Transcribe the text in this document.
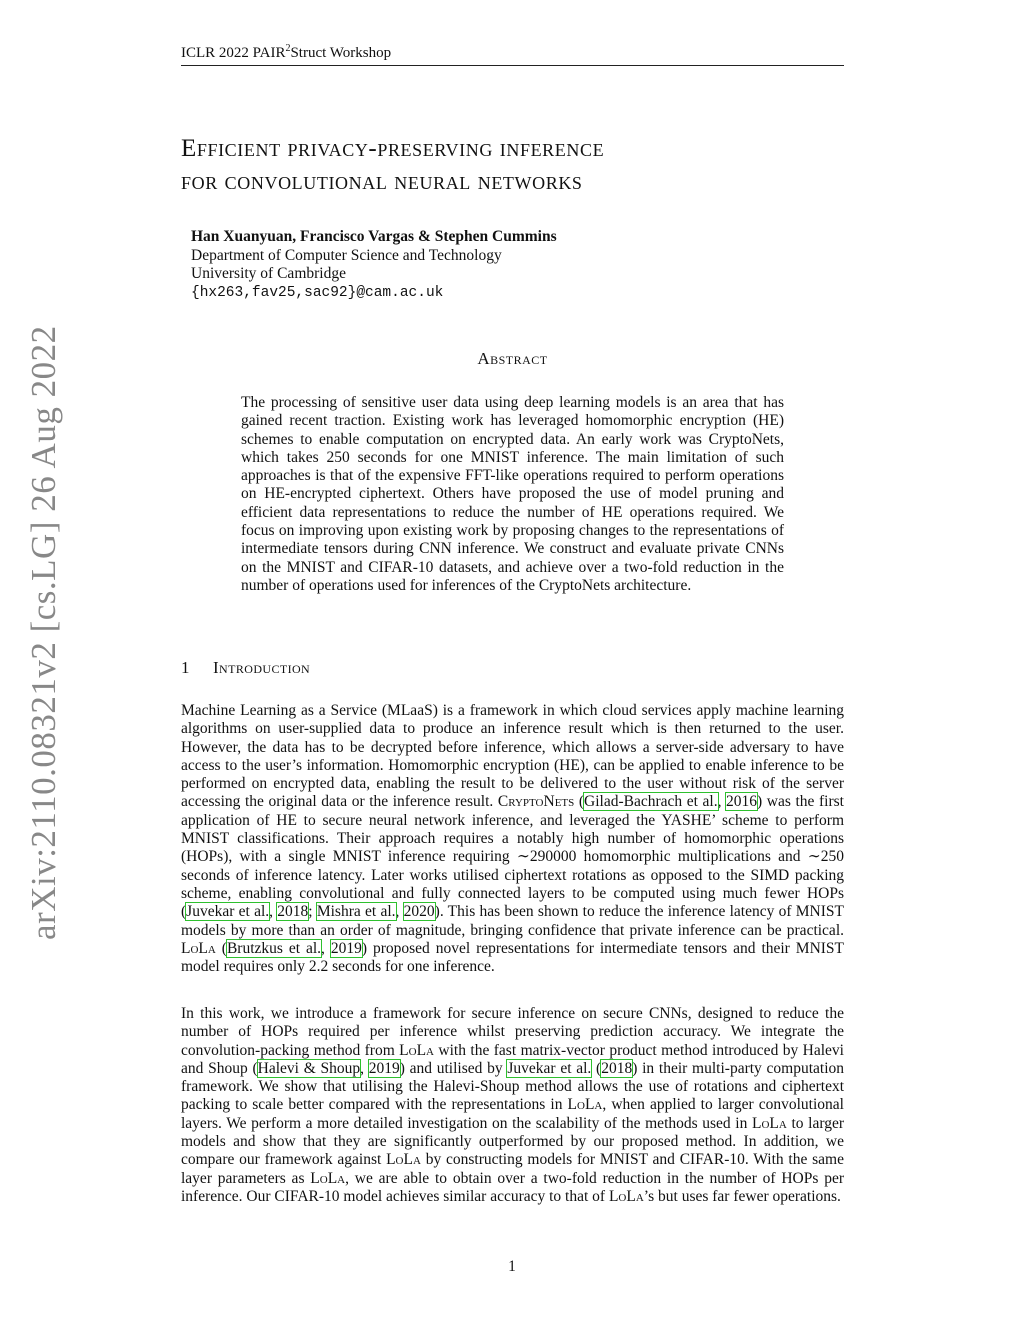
ICLR 2022 PAIR$^2$Struct Workshop
Efficient privacy-preserving inference
for convolutional neural networks
Han Xuanyuan, Francisco Vargas & Stephen Cummins
Department of Computer Science and Technology
University of Cambridge
{hx263,fav25,sac92}@cam.ac.uk
Abstract
The processing of sensitive user data using deep learning models is an area that has gained recent traction. Existing work has leveraged homomorphic encryption (HE) schemes to enable computation on encrypted data. An early work was CryptoNets, which takes 250 seconds for one MNIST inference. The main limitation of such approaches is that of the expensive FFT-like operations required to perform operations on HE-encrypted ciphertext. Others have proposed the use of model pruning and efficient data representations to reduce the number of HE operations required. We focus on improving upon existing work by proposing changes to the representations of intermediate tensors during CNN inference. We construct and evaluate private CNNs on the MNIST and CIFAR-10 datasets, and achieve over a two-fold reduction in the number of operations used for inferences of the CryptoNets architecture.
1 Introduction
Machine Learning as a Service (MLaaS) is a framework in which cloud services apply machine learning algorithms on user-supplied data to produce an inference result which is then returned to the user. However, the data has to be decrypted before inference, which allows a server-side adversary to have access to the user’s information. Homomorphic encryption (HE), can be applied to enable inference to be performed on encrypted data, enabling the result to be delivered to the user without risk of the server accessing the original data or the inference result. CryptoNets (Gilad-Bachrach et al., 2016) was the first application of HE to secure neural network inference, and leveraged the YASHE’ scheme to perform MNIST classifications. Their approach requires a notably high number of homomorphic operations (HOPs), with a single MNIST inference requiring ∼290000 homomorphic multiplications and ∼250 seconds of inference latency. Later works utilised ciphertext rotations as opposed to the SIMD packing scheme, enabling convolutional and fully connected layers to be computed using much fewer HOPs (Juvekar et al., 2018; Mishra et al., 2020). This has been shown to reduce the inference latency of MNIST models by more than an order of magnitude, bringing confidence that private inference can be practical. LoLa (Brutzkus et al., 2019) proposed novel representations for intermediate tensors and their MNIST model requires only 2.2 seconds for one inference.
In this work, we introduce a framework for secure inference on secure CNNs, designed to reduce the number of HOPs required per inference whilst preserving prediction accuracy. We integrate the convolution-packing method from LoLa with the fast matrix-vector product method introduced by Halevi and Shoup (Halevi & Shoup, 2019) and utilised by Juvekar et al. (2018) in their multi-party computation framework. We show that utilising the Halevi-Shoup method allows the use of rotations and ciphertext packing to scale better compared with the representations in LoLa, when applied to larger convolutional layers. We perform a more detailed investigation on the scalability of the methods used in LoLa to larger models and show that they are significantly outperformed by our proposed method. In addition, we compare our framework against LoLa by constructing models for MNIST and CIFAR-10. With the same layer parameters as LoLa, we are able to obtain over a two-fold reduction in the number of HOPs per inference. Our CIFAR-10 model achieves similar accuracy to that of LoLa’s but uses far fewer operations.
1
arXiv:2110.08321v2 [cs.LG] 26 Aug 2022
